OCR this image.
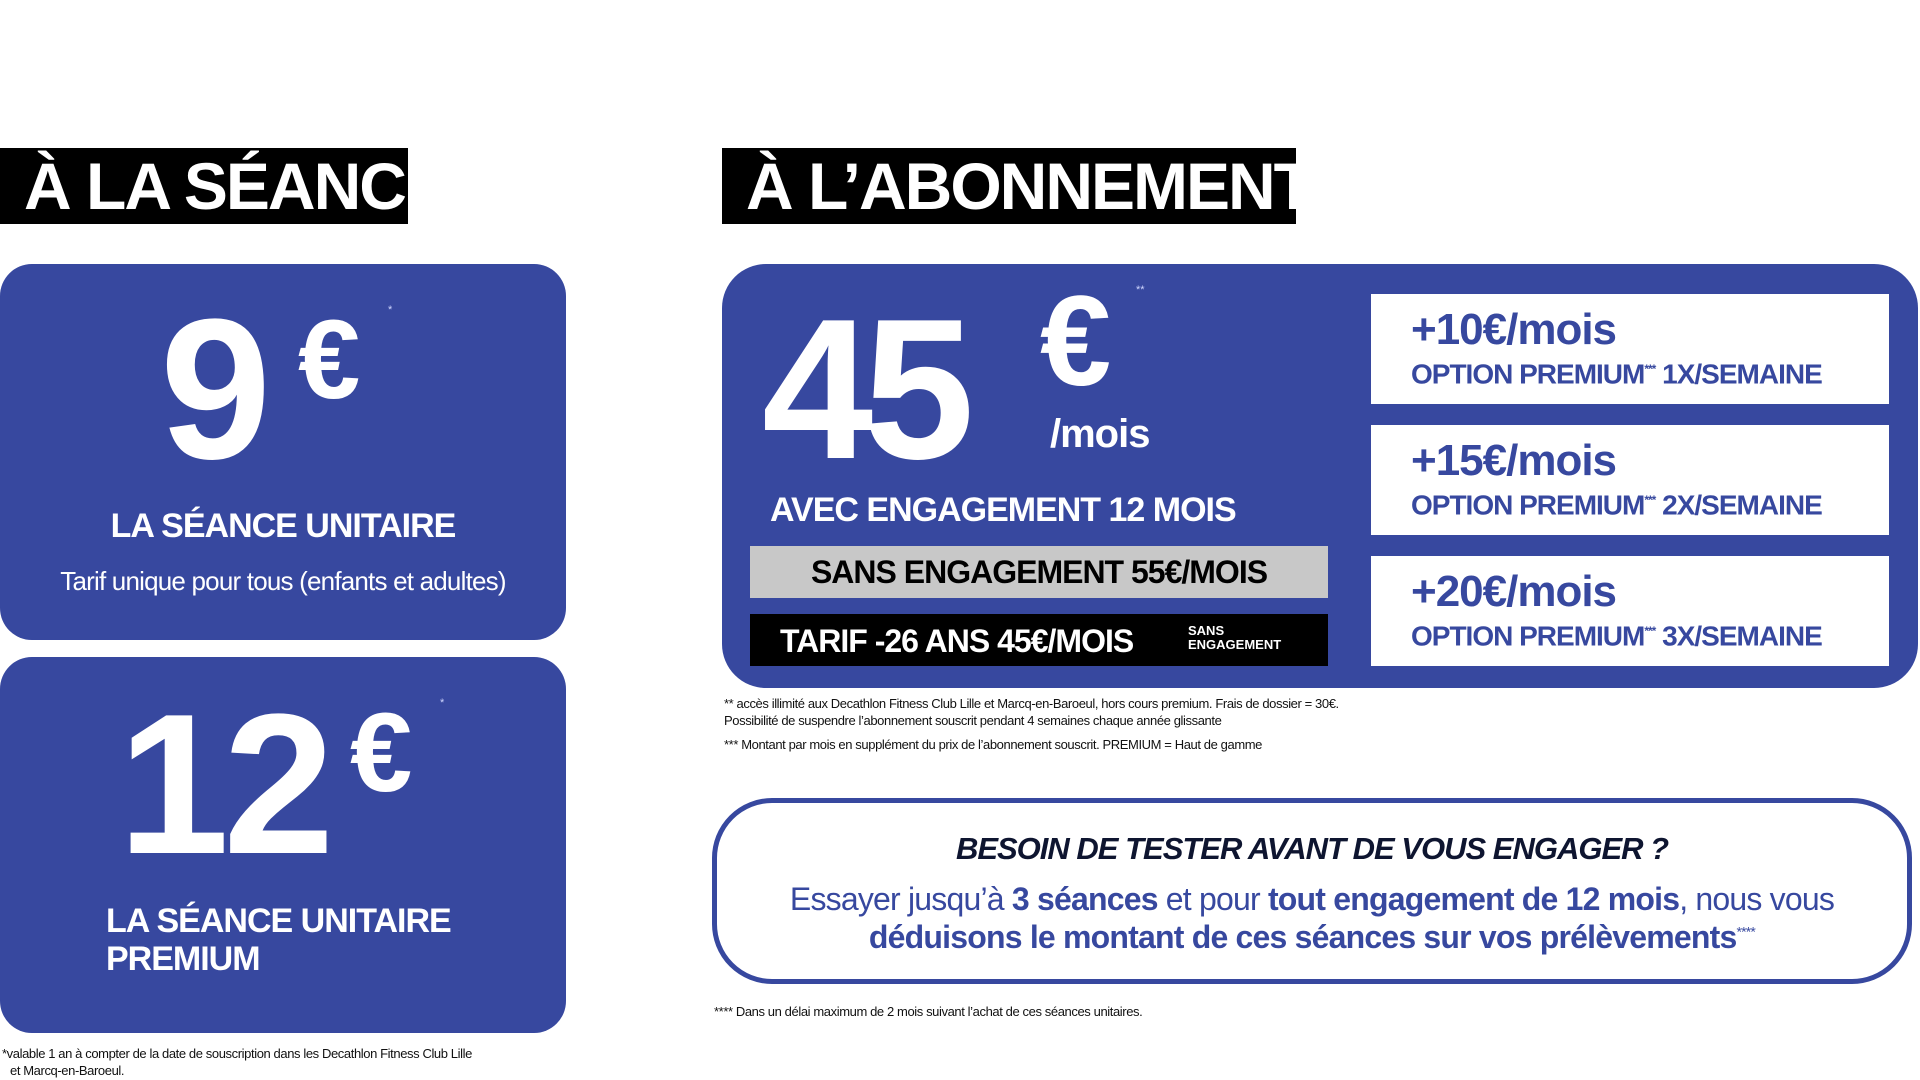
À LA SÉANCE
9 €	*
LA SÉANCE UNITAIRE
Tarif unique pour tous (enfants et adultes)
12 €	*
LA SÉANCE UNITAIRE
PREMIUM
*valable 1 an à compter de la date de souscription dans les Decathlon Fitness Club Lille
et Marcq-en-Baroeul.
À L’ABONNEMENT
45 € **
/mois
AVEC ENGAGEMENT 12 MOIS
SANS ENGAGEMENT 55€/MOIS
TARIF -26 ANS 45€/MOIS	SANS
ENGAGEMENT
+10€/mois
OPTION PREMIUM*** 1X/SEMAINE
+15€/mois
OPTION PREMIUM*** 2X/SEMAINE
+20€/mois
OPTION PREMIUM*** 3X/SEMAINE
** accès illimité aux Decathlon Fitness Club Lille et Marcq-en-Baroeul, hors cours premium. Frais de dossier = 30€.
Possibilité de suspendre l’abonnement souscrit pendant 4 semaines chaque année glissante
*** Montant par mois en supplément du prix de l’abonnement souscrit. PREMIUM = Haut de gamme
BESOIN DE TESTER AVANT DE VOUS ENGAGER ?
Essayer jusqu’à 3 séances et pour tout engagement de 12 mois, nous vous
déduisons le montant de ces séances sur vos prélèvements****
**** Dans un délai maximum de 2 mois suivant l’achat de ces séances unitaires.
